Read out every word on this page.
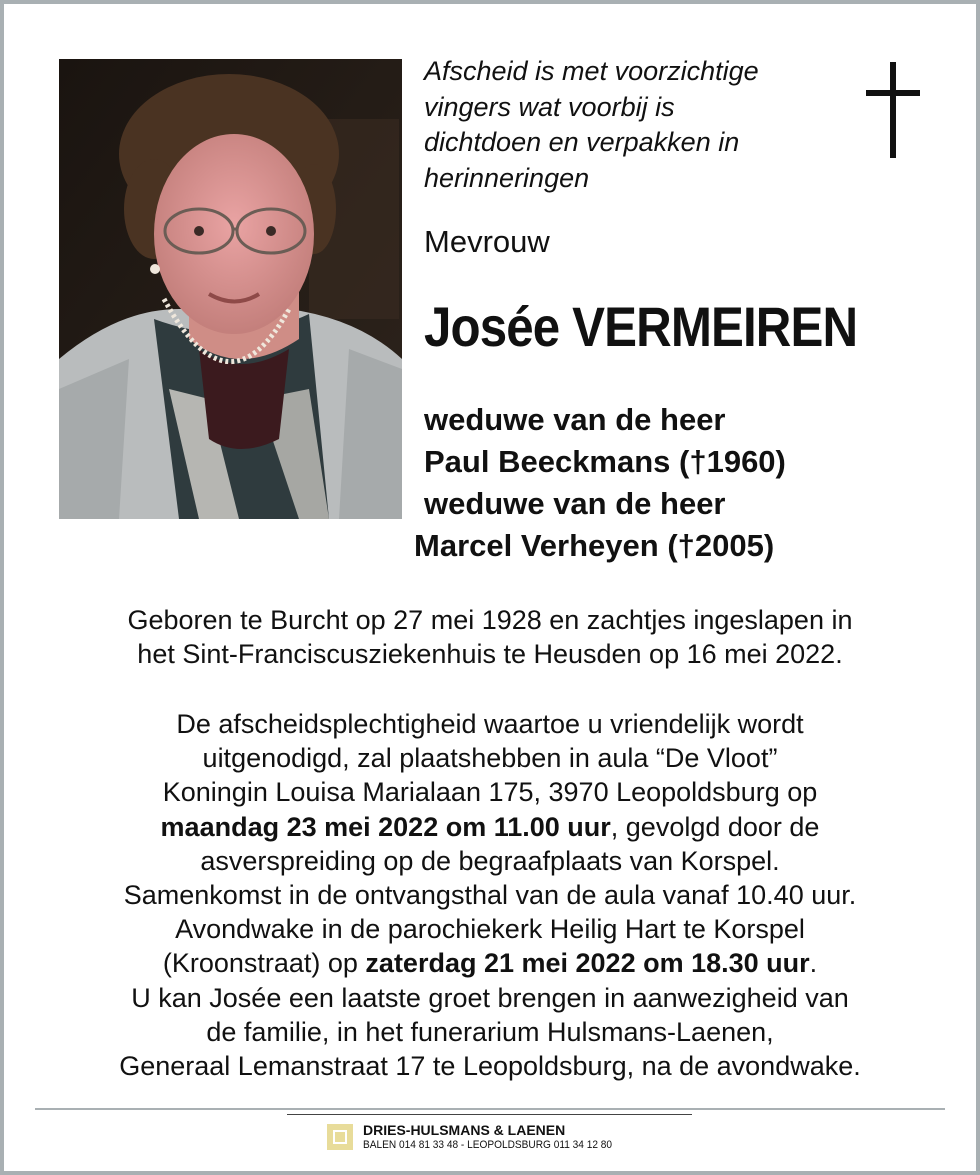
Afscheid is met voorzichtige
vingers wat voorbij is
dichtdoen en verpakken in
herinneringen
Mevrouw
Josée VERMEIREN
weduwe van de heer
Paul Beeckmans (†1960)
weduwe van de heer
Marcel Verheyen (†2005)
Geboren te Burcht op 27 mei 1928 en zachtjes ingeslapen in
het Sint-Franciscusziekenhuis te Heusden op 16 mei 2022.
De afscheidsplechtigheid waartoe u vriendelijk wordt
uitgenodigd, zal plaatshebben in aula “De Vloot”
Koningin Louisa Marialaan 175, 3970 Leopoldsburg op
maandag 23 mei 2022 om 11.00 uur, gevolgd door de
asverspreiding op de begraafplaats van Korspel.
Samenkomst in de ontvangsthal van de aula vanaf 10.40 uur.
Avondwake in de parochiekerk Heilig Hart te Korspel
(Kroonstraat) op zaterdag 21 mei 2022 om 18.30 uur.
U kan Josée een laatste groet brengen in aanwezigheid van
de familie, in het funerarium Hulsmans-Laenen,
Generaal Lemanstraat 17 te Leopoldsburg, na de avondwake.
DRIES-HULSMANS & LAENEN
BALEN 014 81 33 48 - LEOPOLDSBURG 011 34 12 80
